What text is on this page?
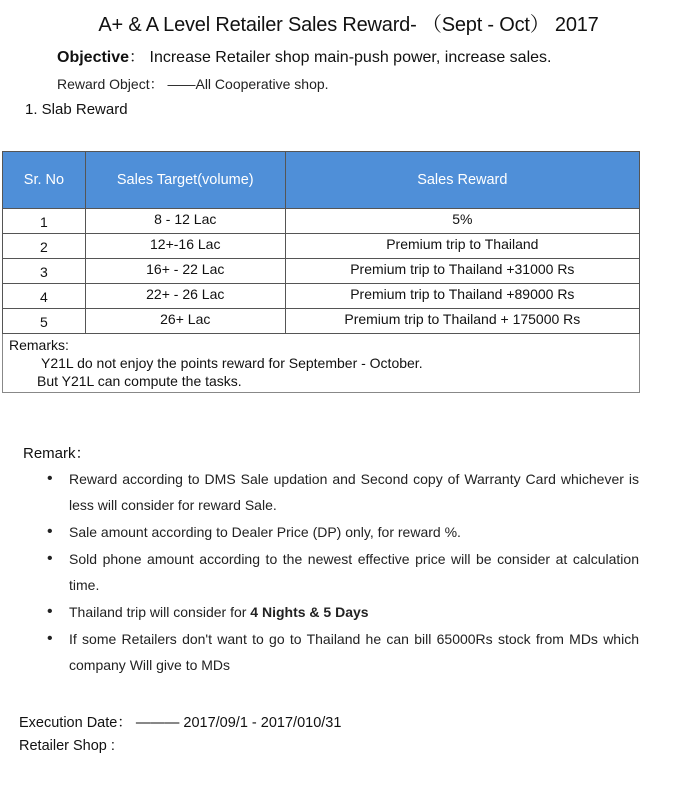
A+ & A Level Retailer Sales Reward- （Sept - Oct） 2017
Objective： Increase Retailer shop main-push power, increase sales.
Reward Object： ——All Cooperative shop.
1. Slab Reward
Sr. No	Sales Target(volume)	Sales Reward
1	8 - 12 Lac	5%
2	12+-16 Lac	Premium trip to Thailand
3	16+ - 22 Lac	Premium trip to Thailand +31000 Rs
4	22+ - 26 Lac	Premium trip to Thailand +89000 Rs
5	26+ Lac	Premium trip to Thailand + 175000 Rs

Remarks:
Y21L do not enjoy the points reward for September - October.
But Y21L can compute the tasks.		
Remark：
• Reward according to DMS Sale updation and Second copy of Warranty Card whichever is less will consider for reward Sale.
• Sale amount according to Dealer Price (DP) only, for reward %.
• Sold phone amount according to the newest effective price will be consider at calculation time.
• Thailand trip will consider for 4 Nights & 5 Days
• If some Retailers don't want to go to Thailand he can bill 65000Rs stock from MDs which company Will give to MDs
Execution Date： ——— 2017/09/1 - 2017/010/31
Retailer Shop :
